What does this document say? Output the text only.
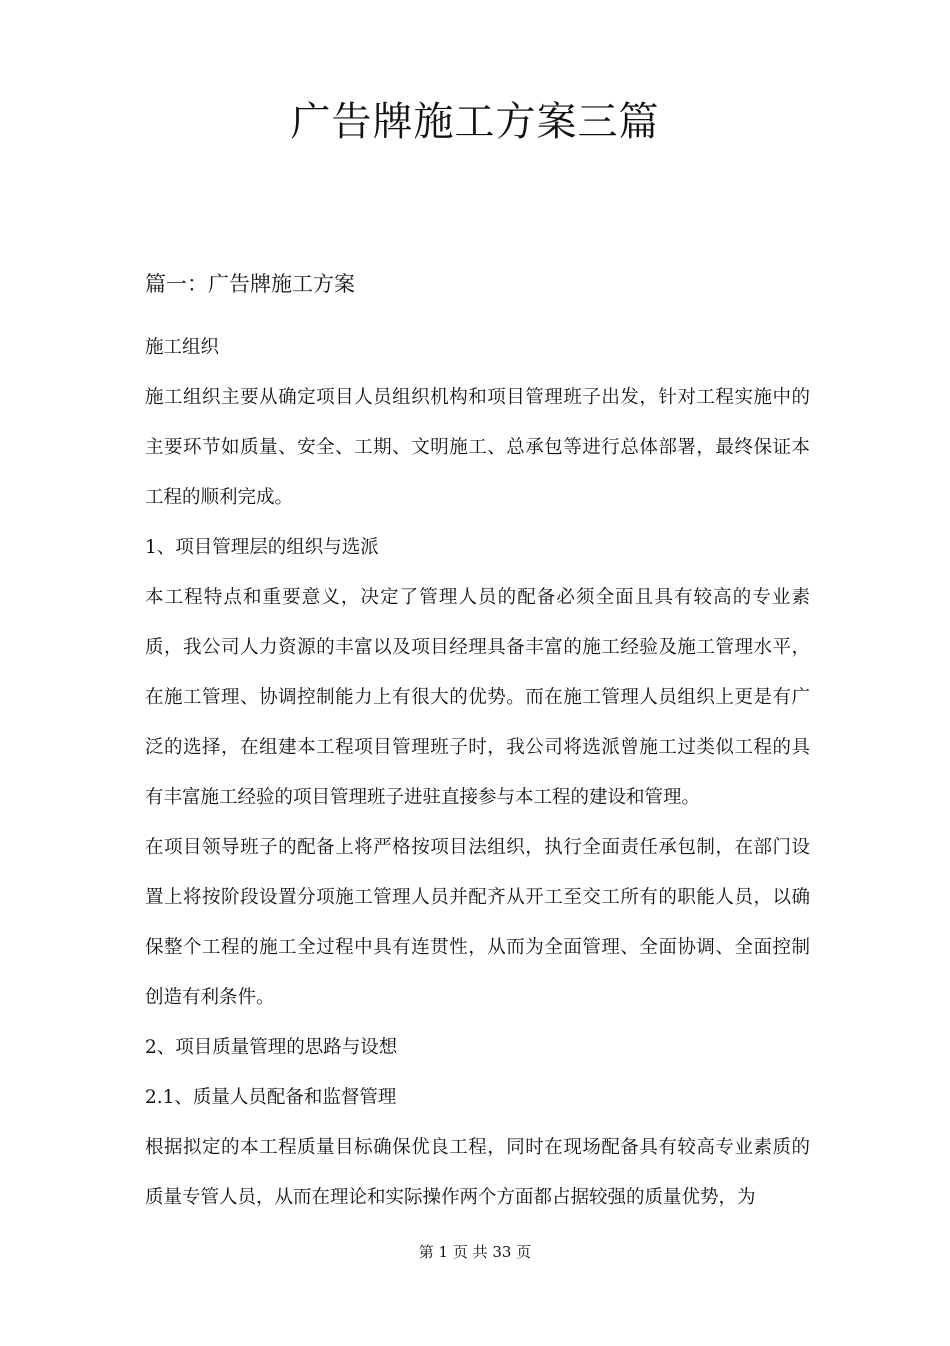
广告牌施工方案三篇
篇一：广告牌施工方案

施工组织

施工组织主要从确定项目人员组织机构和项目管理班子出发，针对工程实施中的主要环节如质量、安全、工期、文明施工、总承包等进行总体部署，最终保证本工程的顺利完成。

1、项目管理层的组织与选派

本工程特点和重要意义，决定了管理人员的配备必须全面且具有较高的专业素质，我公司人力资源的丰富以及项目经理具备丰富的施工经验及施工管理水平，在施工管理、协调控制能力上有很大的优势。而在施工管理人员组织上更是有广泛的选择，在组建本工程项目管理班子时，我公司将选派曾施工过类似工程的具有丰富施工经验的项目管理班子进驻直接参与本工程的建设和管理。

在项目领导班子的配备上将严格按项目法组织，执行全面责任承包制，在部门设置上将按阶段设置分项施工管理人员并配齐从开工至交工所有的职能人员，以确保整个工程的施工全过程中具有连贯性，从而为全面管理、全面协调、全面控制创造有利条件。

2、项目质量管理的思路与设想

2.1、质量人员配备和监督管理

根据拟定的本工程质量目标确保优良工程，同时在现场配备具有较高专业素质的质量专管人员，从而在理论和实际操作两个方面都占据较强的质量优势，为

第 1 页 共 33 页
